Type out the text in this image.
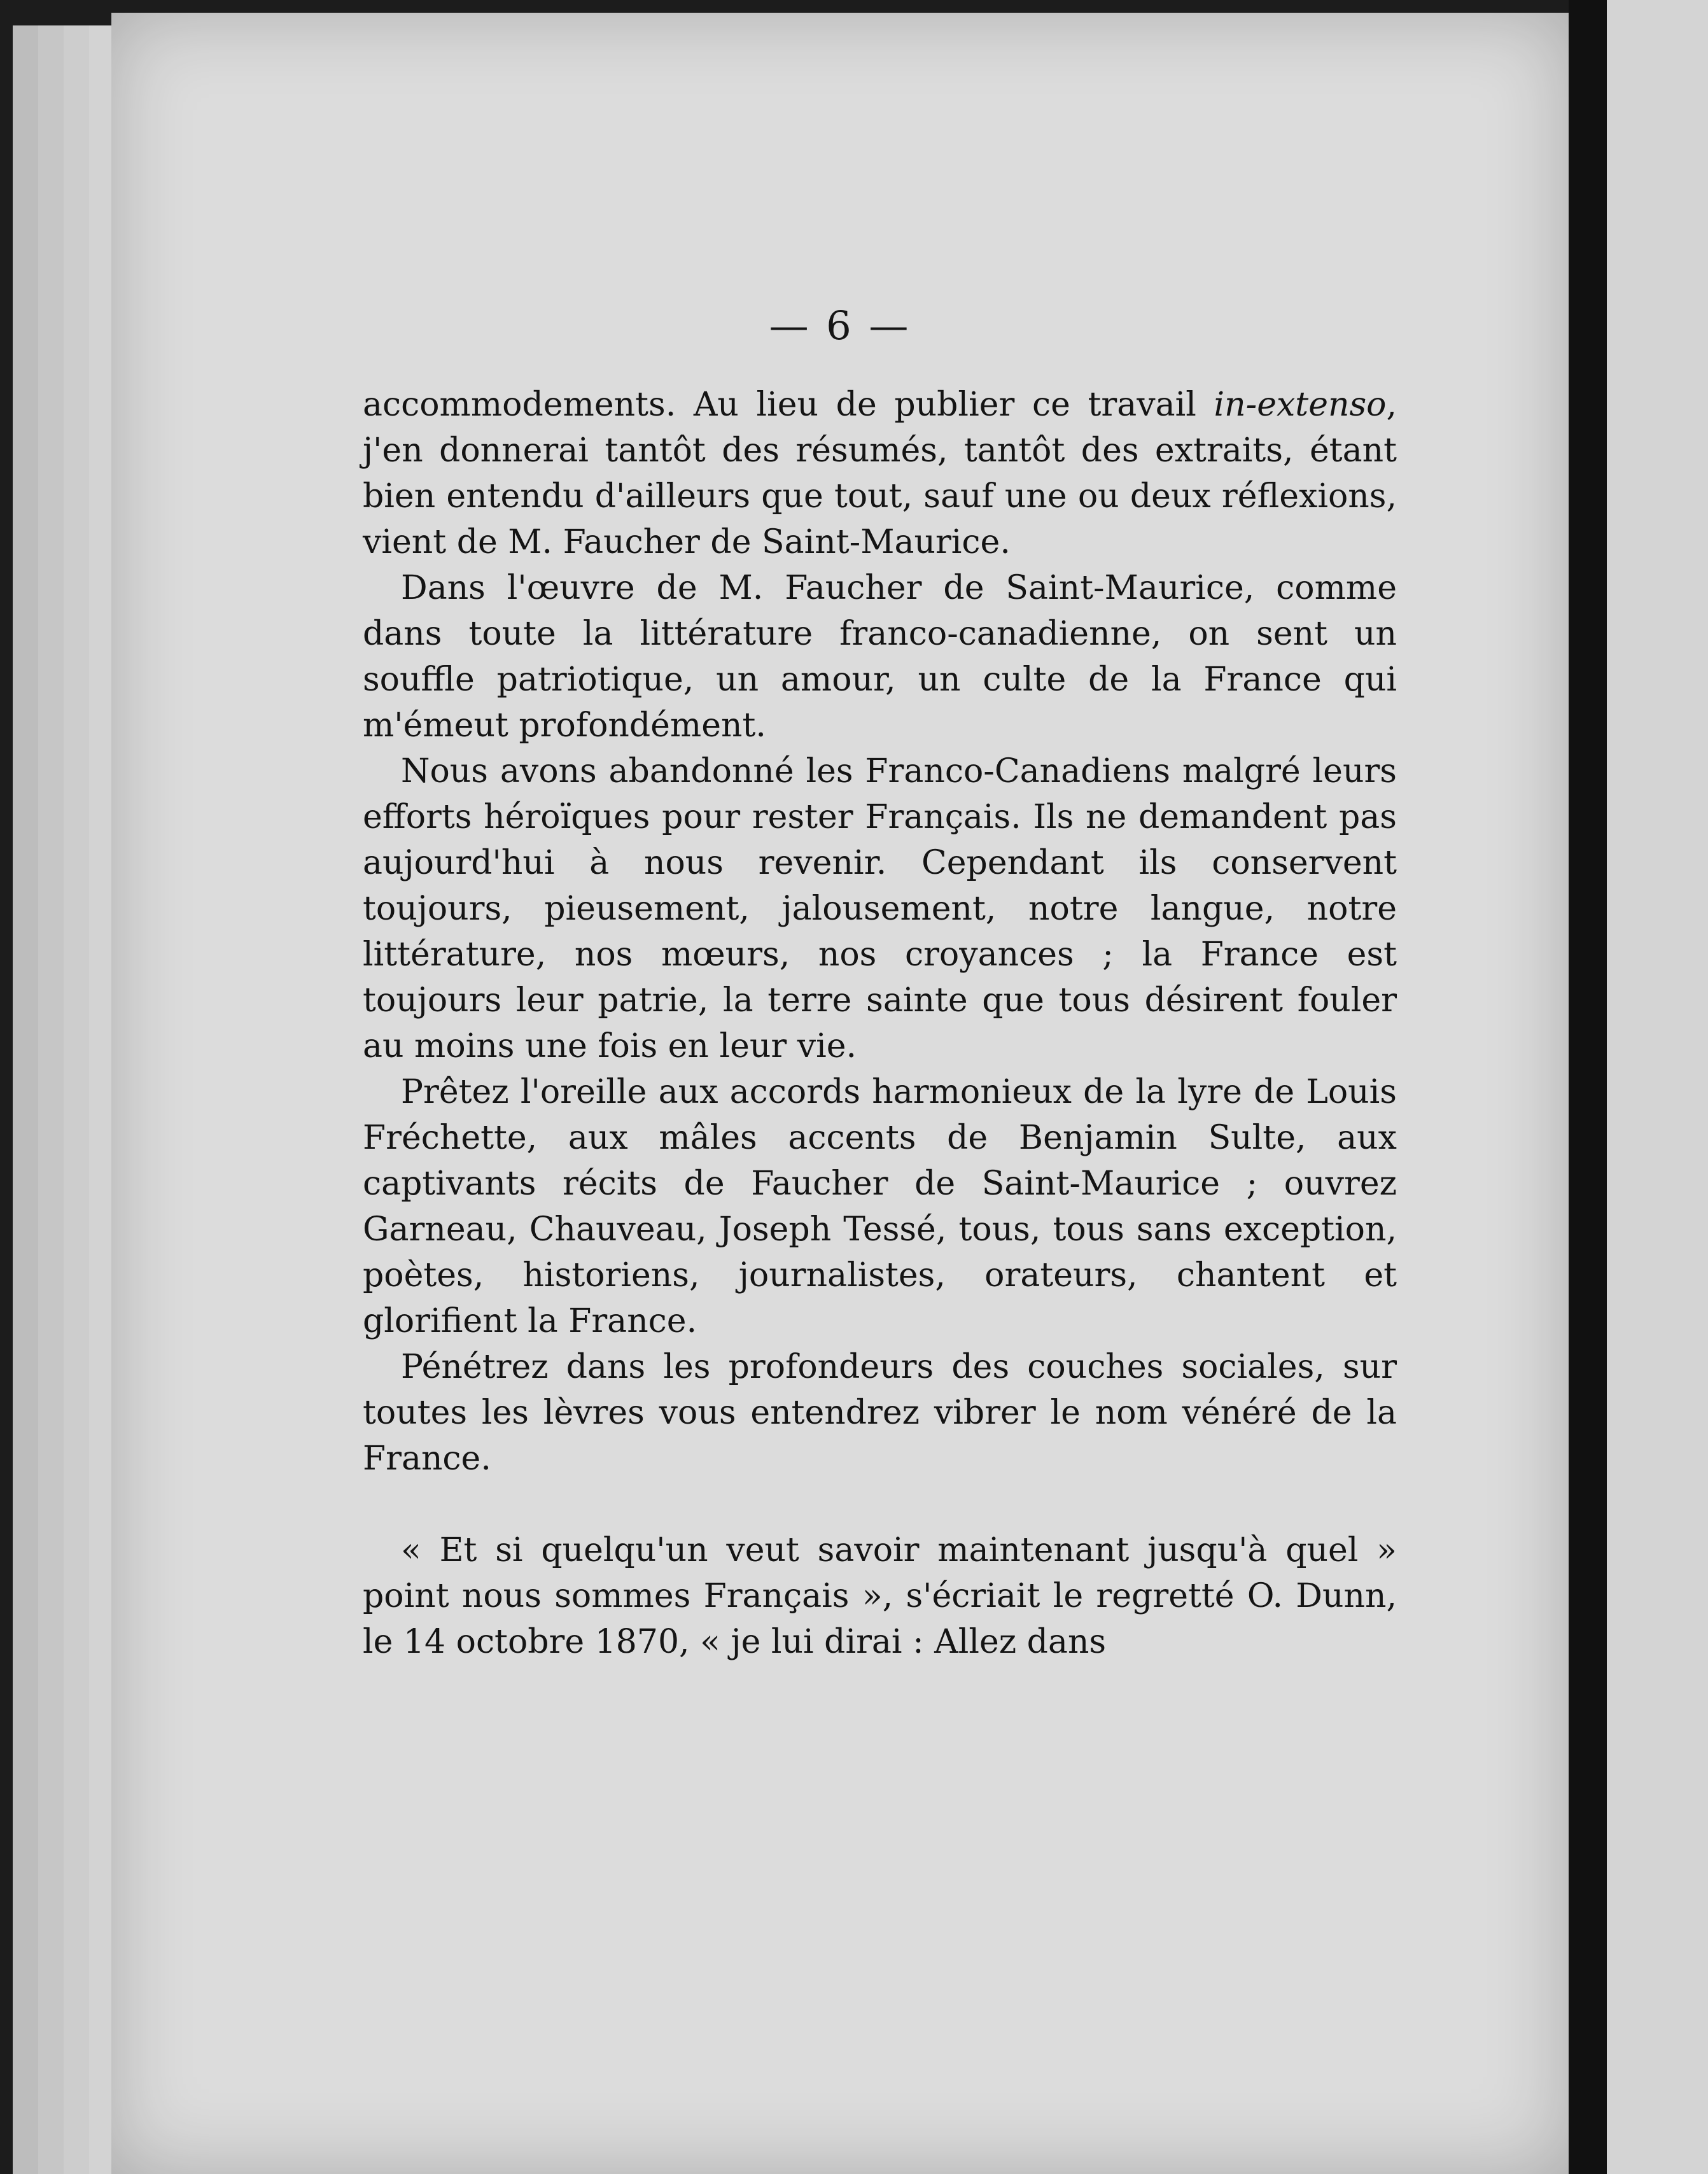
— 6 —

accommodements. Au lieu de publier ce travail in-extenso, j'en donnerai tantôt des résumés, tantôt des extraits, étant bien entendu d'ailleurs que tout, sauf une ou deux réflexions, vient de M. Faucher de Saint-Maurice.

Dans l'œuvre de M. Faucher de Saint-Maurice, comme dans toute la littérature franco-canadienne, on sent un souffle patriotique, un amour, un culte de la France qui m'émeut profondément.

Nous avons abandonné les Franco-Canadiens malgré leurs efforts héroïques pour rester Français. Ils ne demandent pas aujourd'hui à nous revenir. Cependant ils conservent toujours, pieusement, jalousement, notre langue, notre littérature, nos mœurs, nos croyances ; la France est toujours leur patrie, la terre sainte que tous désirent fouler au moins une fois en leur vie.

Prêtez l'oreille aux accords harmonieux de la lyre de Louis Fréchette, aux mâles accents de Benjamin Sulte, aux captivants récits de Faucher de Saint-Maurice ; ouvrez Garneau, Chauveau, Joseph Tessé, tous, tous sans exception, poètes, historiens, journalistes, orateurs, chantent et glorifient la France.

Pénétrez dans les profondeurs des couches sociales, sur toutes les lèvres vous entendrez vibrer le nom vénéré de la France.

« Et si quelqu'un veut savoir maintenant jusqu'à quel » point nous sommes Français », s'écriait le regretté O. Dunn, le 14 octobre 1870, « je lui dirai : Allez dans
